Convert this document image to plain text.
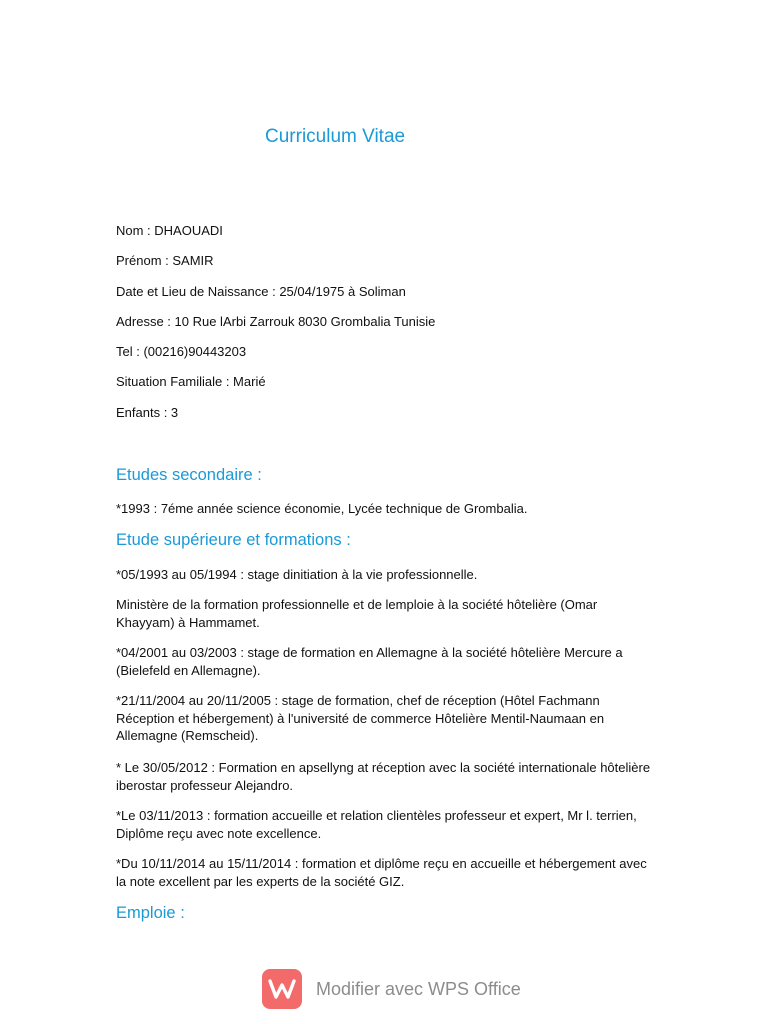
Curriculum Vitae

Nom : DHAOUADI

Prénom : SAMIR

Date et Lieu de Naissance : 25/04/1975 à Soliman

Adresse : 10 Rue lArbi Zarrouk 8030 Grombalia Tunisie

Tel : (00216)90443203

Situation Familiale : Marié

Enfants : 3

Etudes secondaire :

*1993 : 7éme année science économie, Lycée technique de Grombalia.

Etude supérieure et formations :

*05/1993 au 05/1994 : stage dinitiation à la vie professionnelle.

Ministère de la formation professionnelle et de lemploie à la société hôtelière (Omar Khayyam) à Hammamet.

*04/2001 au 03/2003 : stage de formation en Allemagne à la société hôtelière Mercure a (Bielefeld en Allemagne).

*21/11/2004 au 20/11/2005 : stage de formation, chef de réception (Hôtel Fachmann Réception et hébergement) à l'université de commerce Hôtelière Mentil-Naumaan en Allemagne (Remscheid).

* Le 30/05/2012 : Formation en apsellyng at réception avec la société internationale hôtelière iberostar professeur Alejandro.

*Le 03/11/2013 : formation accueille et relation clientèles professeur et expert, Mr l. terrien, Diplôme reçu avec note excellence.

*Du 10/11/2014 au 15/11/2014 : formation et diplôme reçu en accueille et hébergement avec la note excellent par les experts de la société GIZ.

Emploie :
Modifier avec WPS Office
